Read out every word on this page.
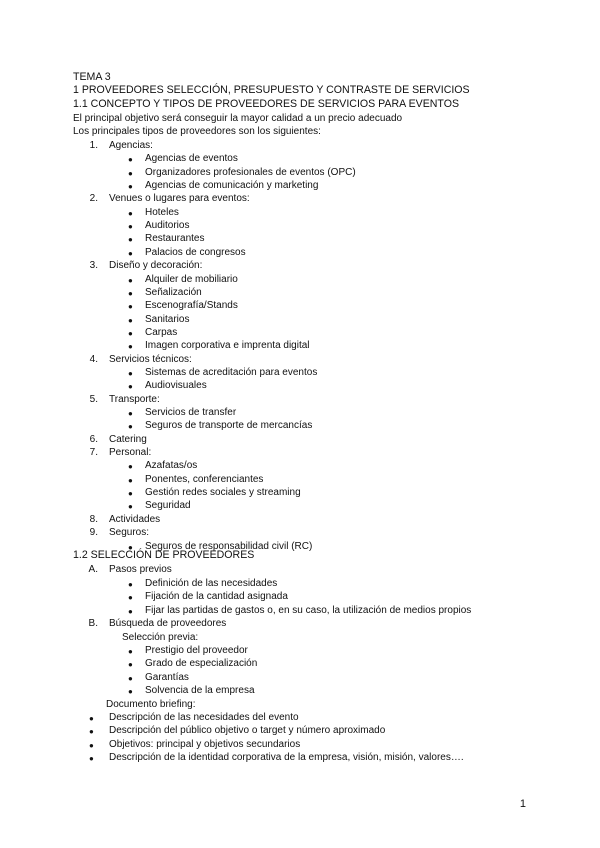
TEMA 3
1 PROVEEDORES SELECCIÓN, PRESUPUESTO Y CONTRASTE DE SERVICIOS
1.1 CONCEPTO Y TIPOS DE PROVEEDORES DE SERVICIOS PARA EVENTOS
El principal objetivo será conseguir la mayor calidad a un precio adecuado
Los principales tipos de proveedores son los siguientes:
1. Agencias:
● Agencias de eventos
● Organizadores profesionales de eventos (OPC)
● Agencias de comunicación y marketing
2. Venues o lugares para eventos:
● Hoteles
● Auditorios
● Restaurantes
● Palacios de congresos
3. Diseño y decoración:
● Alquiler de mobiliario
● Señalización
● Escenografía/Stands
● Sanitarios
● Carpas
● Imagen corporativa e imprenta digital
4. Servicios técnicos:
● Sistemas de acreditación para eventos
● Audiovisuales
5. Transporte:
● Servicios de transfer
● Seguros de transporte de mercancías
6. Catering
7. Personal:
● Azafatas/os
● Ponentes, conferenciantes
● Gestión redes sociales y streaming
● Seguridad
8. Actividades
9. Seguros:
● Seguros de responsabilidad civil (RC)
1.2 SELECCIÓN DE PROVEEDORES
A. Pasos previos
● Definición de las necesidades
● Fijación de la cantidad asignada
● Fijar las partidas de gastos o, en su caso, la utilización de medios propios
B. Búsqueda de proveedores
Selección previa:
● Prestigio del proveedor
● Grado de especialización
● Garantías
● Solvencia de la empresa
Documento briefing:
● Descripción de las necesidades del evento
● Descripción del público objetivo o target y número aproximado
● Objetivos: principal y objetivos secundarios
● Descripción de la identidad corporativa de la empresa, visión, misión, valores….
1
